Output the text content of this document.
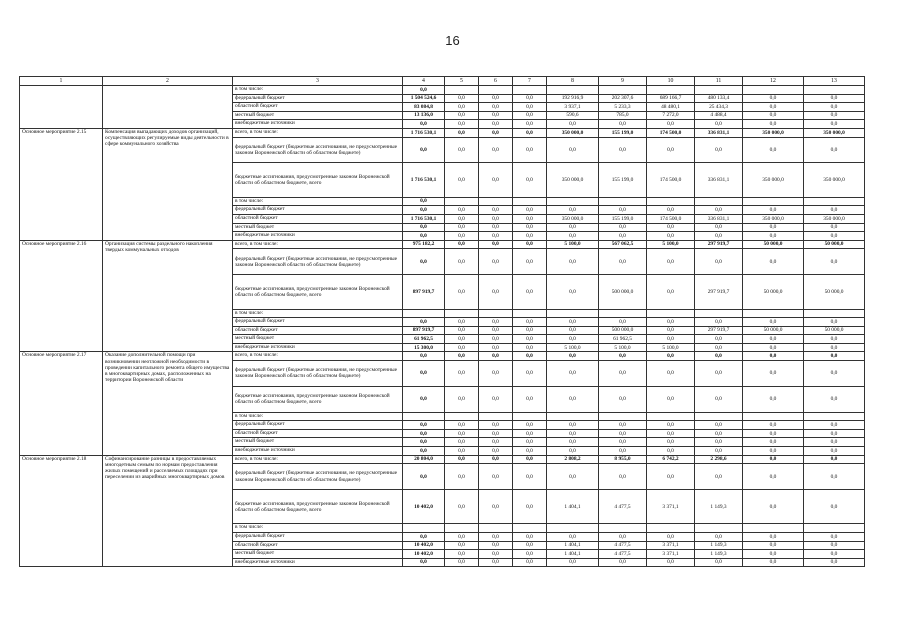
16
1	2	3	4	5	6	7	8	9	10	11	12	13
		в том числе:	0,0									
		федеральный бюджет	1 504 524,6	0,0	0,0	0,0	192 916,9	202 307,6	689 166,7	480 133,4	0,0	0,0
		областной бюджет	83 084,8	0,0	0,0	0,0	3 937,1	5 233,3	48 480,1	25 434,3	0,0	0,0
		местный бюджет	13 136,0	0,0	0,0	0,0	590,6	785,0	7 272,0	4 488,4	0,0	0,0
		внебюджетные источники	0,0	0,0	0,0	0,0	0,0	0,0	0,0	0,0	0,0	0,0
Основное мероприятие 2.15	Компенсация выпадающих доходов организаций, осуществляющих регулируемые виды деятельности в сфере коммунального хозяйства	всего, в том числе:	1 716 530,1	0,0	0,0	0,0	350 000,0	155 199,0	174 500,0	336 831,1	350 000,0	350 000,0
		федеральный бюджет (бюджетные ассигнования, не предусмотренные законом Воронежской области об областном бюджете)	0,0	0,0	0,0	0,0	0,0	0,0	0,0	0,0	0,0	0,0
		бюджетные ассигнования, предусмотренные законом Воронежской области об областном бюджете, всего	1 716 530,1	0,0	0,0	0,0	350 000,0	155 199,0	174 500,0	336 831,1	350 000,0	350 000,0
		в том числе:	0,0									
		федеральный бюджет	0,0	0,0	0,0	0,0	0,0	0,0	0,0	0,0	0,0	0,0
		областной бюджет	1 716 530,1	0,0	0,0	0,0	350 000,0	155 199,0	174 500,0	336 831,1	350 000,0	350 000,0
		местный бюджет	0,0	0,0	0,0	0,0	0,0	0,0	0,0	0,0	0,0	0,0
		внебюджетные источники	0,0	0,0	0,0	0,0	0,0	0,0	0,0	0,0	0,0	0,0
Основное мероприятие 2.16	Организация системы раздельного накопления твердых коммунальных отходов	всего, в том числе:	975 182,2	0,0	0,0	0,0	5 100,0	567 062,5	5 100,0	297 919,7	50 000,0	50 000,0
		федеральный бюджет (бюджетные ассигнования, не предусмотренные законом Воронежской области об областном бюджете)	0,0	0,0	0,0	0,0	0,0	0,0	0,0	0,0	0,0	0,0
		бюджетные ассигнования, предусмотренные законом Воронежской области об областном бюджете, всего	897 919,7	0,0	0,0	0,0	0,0	500 000,0	0,0	297 919,7	50 000,0	50 000,0
		в том числе:										
		федеральный бюджет	0,0	0,0	0,0	0,0	0,0	0,0	0,0	0,0	0,0	0,0
		областной бюджет	897 919,7	0,0	0,0	0,0	0,0	500 000,0	0,0	297 919,7	50 000,0	50 000,0
		местный бюджет	61 962,5	0,0	0,0	0,0	0,0	61 962,5	0,0	0,0	0,0	0,0
		внебюджетные источники	15 300,0	0,0	0,0	0,0	5 100,0	5 100,0	5 100,0	0,0	0,0	0,0
Основное мероприятие 2.17	Оказание дополнительной помощи при возникновении неотложной необходимости в проведении капитального ремонта общего имущества в многоквартирных домах, расположенных на территории Воронежской области	всего, в том числе:	0,0	0,0	0,0	0,0	0,0	0,0	0,0	0,0	0,0	0,0
		федеральный бюджет (бюджетные ассигнования, не предусмотренные законом Воронежской области об областном бюджете)	0,0	0,0	0,0	0,0	0,0	0,0	0,0	0,0	0,0	0,0
		бюджетные ассигнования, предусмотренные законом Воронежской области об областном бюджете, всего	0,0	0,0	0,0	0,0	0,0	0,0	0,0	0,0	0,0	0,0
		в том числе:										
		федеральный бюджет	0,0	0,0	0,0	0,0	0,0	0,0	0,0	0,0	0,0	0,0
		областной бюджет	0,0	0,0	0,0	0,0	0,0	0,0	0,0	0,0	0,0	0,0
		местный бюджет	0,0	0,0	0,0	0,0	0,0	0,0	0,0	0,0	0,0	0,0
		внебюджетные источники	0,0	0,0	0,0	0,0	0,0	0,0	0,0	0,0	0,0	0,0
Основное мероприятие 2.18	Софинансирование разницы в предоставляемых многодетным семьям по нормам предоставления жилых помещений и расселяемых площадях при переселении из аварийных многоквартирных домов	всего, в том числе:	20 804,0	0,0	0,0	0,0	2 808,2	8 955,0	6 742,2	2 298,6	0,0	0,0
		федеральный бюджет (бюджетные ассигнования, не предусмотренные законом Воронежской области об областном бюджете)	0,0	0,0	0,0	0,0	0,0	0,0	0,0	0,0	0,0	0,0
		бюджетные ассигнования, предусмотренные законом Воронежской области об областном бюджете, всего	10 402,0	0,0	0,0	0,0	1 404,1	4 477,5	3 371,1	1 149,3	0,0	0,0
		в том числе:										
		федеральный бюджет	0,0	0,0	0,0	0,0	0,0	0,0	0,0	0,0	0,0	0,0
		областной бюджет	10 402,0	0,0	0,0	0,0	1 404,1	4 477,5	3 371,1	1 149,3	0,0	0,0
		местный бюджет	10 402,0	0,0	0,0	0,0	1 404,1	4 477,5	3 371,1	1 149,3	0,0	0,0
		внебюджетные источники	0,0	0,0	0,0	0,0	0,0	0,0	0,0	0,0	0,0	0,0
